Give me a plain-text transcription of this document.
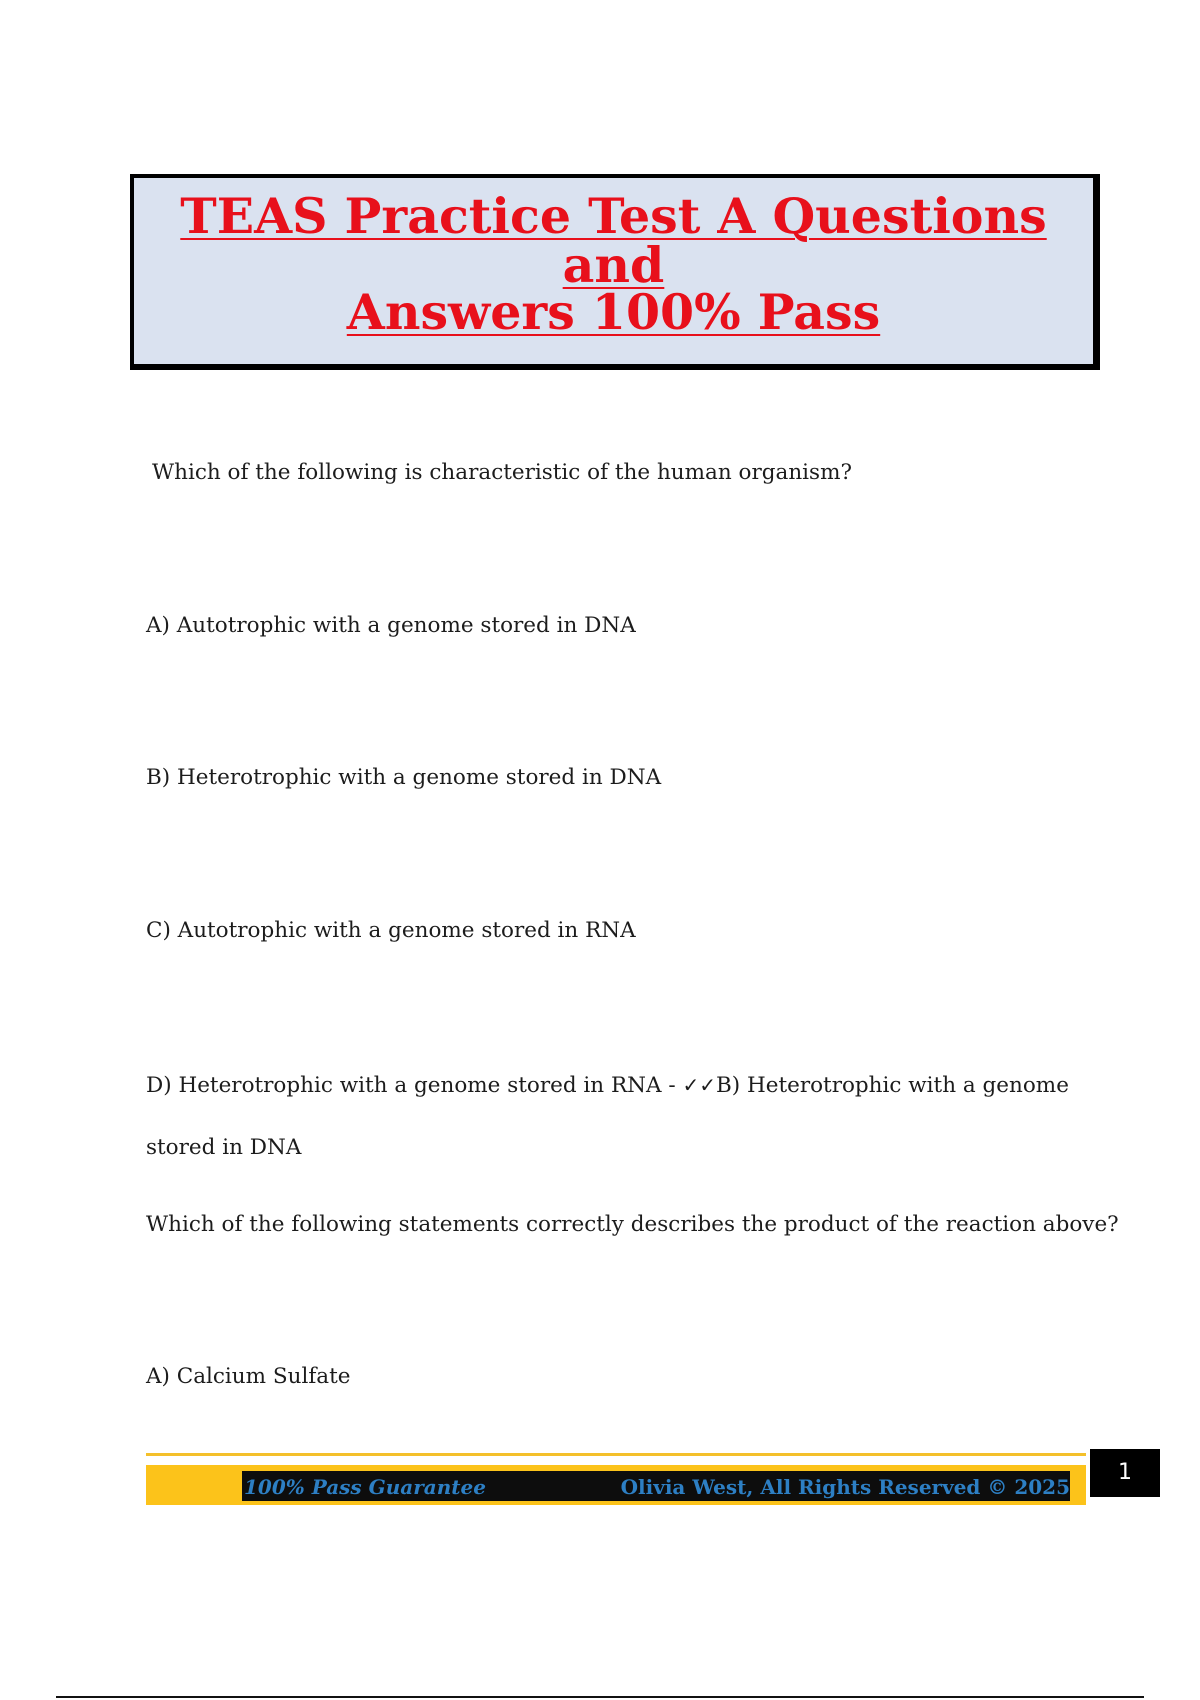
TEAS Practice Test A Questions and
Answers 100% Pass
Which of the following is characteristic of the human organism?
A) Autotrophic with a genome stored in DNA
B) Heterotrophic with a genome stored in DNA
C) Autotrophic with a genome stored in RNA
D) Heterotrophic with a genome stored in RNA - ✓✓B) Heterotrophic with a genome
stored in DNA
Which of the following statements correctly describes the product of the reaction above?
A) Calcium Sulfate
100% Pass Guarantee	Olivia West, All Rights Reserved © 2025
1
